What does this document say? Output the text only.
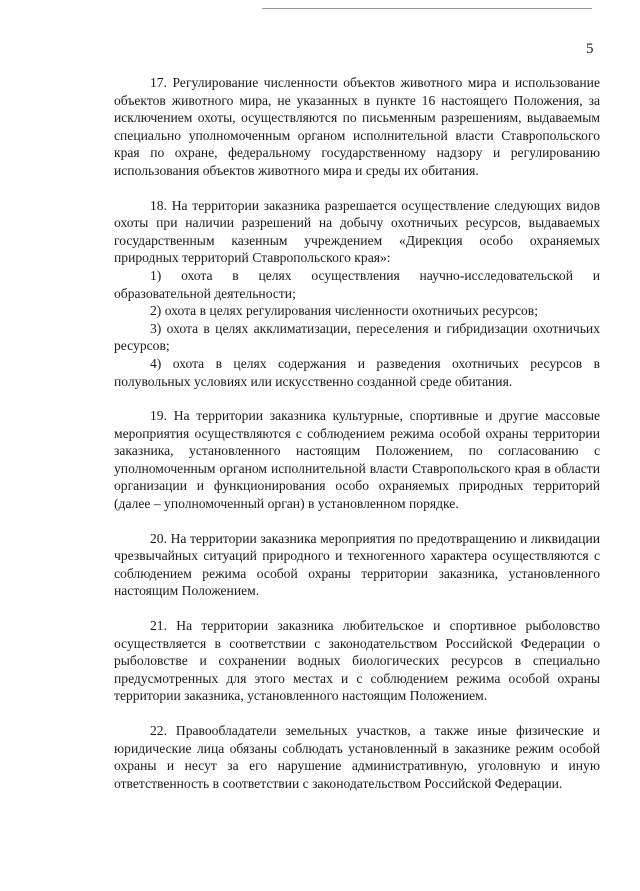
5

17. Регулирование численности объектов животного мира и использование объектов животного мира, не указанных в пункте 16 настоящего Положения, за исключением охоты, осуществляются по письменным разрешениям, выдаваемым специально уполномоченным органом исполнительной власти Ставропольского края по охране, федеральному государственному надзору и регулированию использования объектов животного мира и среды их обитания.

18. На территории заказника разрешается осуществление следующих видов охоты при наличии разрешений на добычу охотничьих ресурсов, выдаваемых государственным казенным учреждением «Дирекция особо охраняемых природных территорий Ставропольского края»:

1) охота в целях осуществления научно-исследовательской и образовательной деятельности;

2) охота в целях регулирования численности охотничьих ресурсов;

3) охота в целях акклиматизации, переселения и гибридизации охотничьих ресурсов;

4) охота в целях содержания и разведения охотничьих ресурсов в полувольных условиях или искусственно созданной среде обитания.

19. На территории заказника культурные, спортивные и другие массовые мероприятия осуществляются с соблюдением режима особой охраны территории заказника, установленного настоящим Положением, по согласованию с уполномоченным органом исполнительной власти Ставропольского края в области организации и функционирования особо охраняемых природных территорий (далее – уполномоченный орган) в установленном порядке.

20. На территории заказника мероприятия по предотвращению и ликвидации чрезвычайных ситуаций природного и техногенного характера осуществляются с соблюдением режима особой охраны территории заказника, установленного настоящим Положением.

21. На территории заказника любительское и спортивное рыболовство осуществляется в соответствии с законодательством Российской Федерации о рыболовстве и сохранении водных биологических ресурсов в специально предусмотренных для этого местах и с соблюдением режима особой охраны территории заказника, установленного настоящим Положением.

22. Правообладатели земельных участков, а также иные физические и юридические лица обязаны соблюдать установленный в заказнике режим особой охраны и несут за его нарушение административную, уголовную и иную ответственность в соответствии с законодательством Российской Федерации.
